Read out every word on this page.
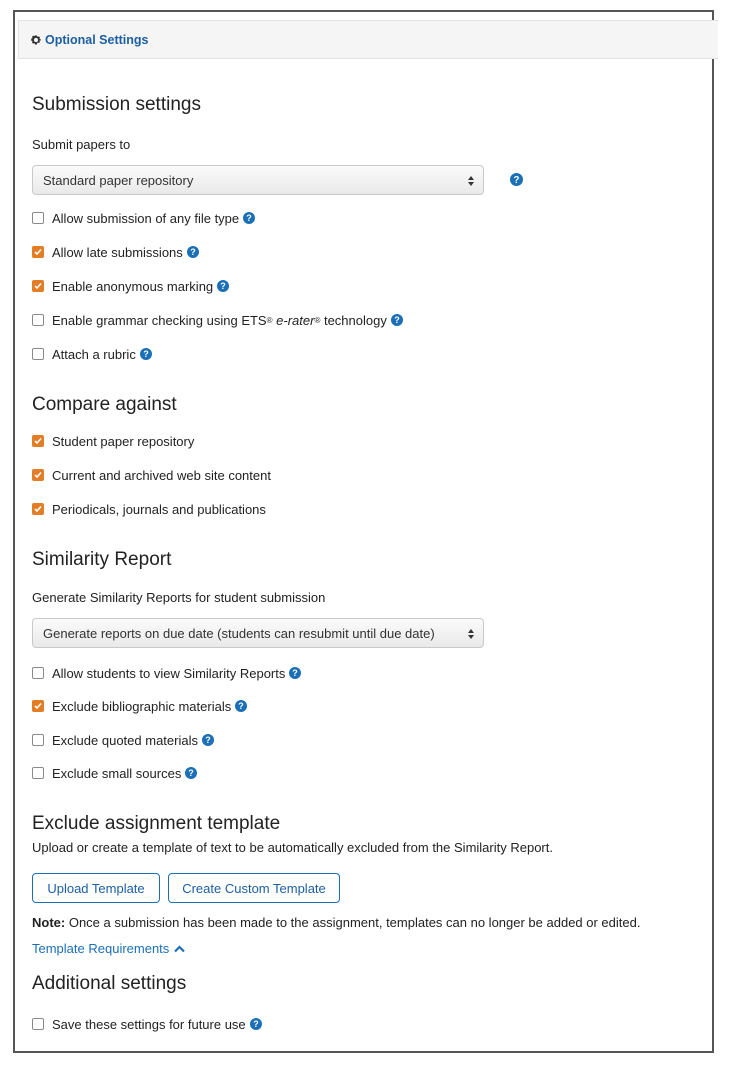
Optional Settings
Submission settings
Submit papers to
Standard paper repository	?
Allow submission of any file type ?
Allow late submissions ?
Enable anonymous marking ?
Enable grammar checking using ETS ®
e-rater ®
technology ?
Attach a rubric ?
Compare against
Student paper repository
Current and archived web site content
Periodicals, journals and publications
Similarity Report
Generate Similarity Reports for student submission
Generate reports on due date (students can resubmit until due date)
Allow students to view Similarity Reports ?
Exclude bibliographic materials ?
Exclude quoted materials ?
Exclude small sources ?
Exclude assignment template
Upload or create a template of text to be automatically excluded from the Similarity Report.
Upload Template	Create Custom Template
Note: Once a submission has been made to the assignment, templates can no longer be added or edited.
Template Requirements
Additional settings
Save these settings for future use ?
